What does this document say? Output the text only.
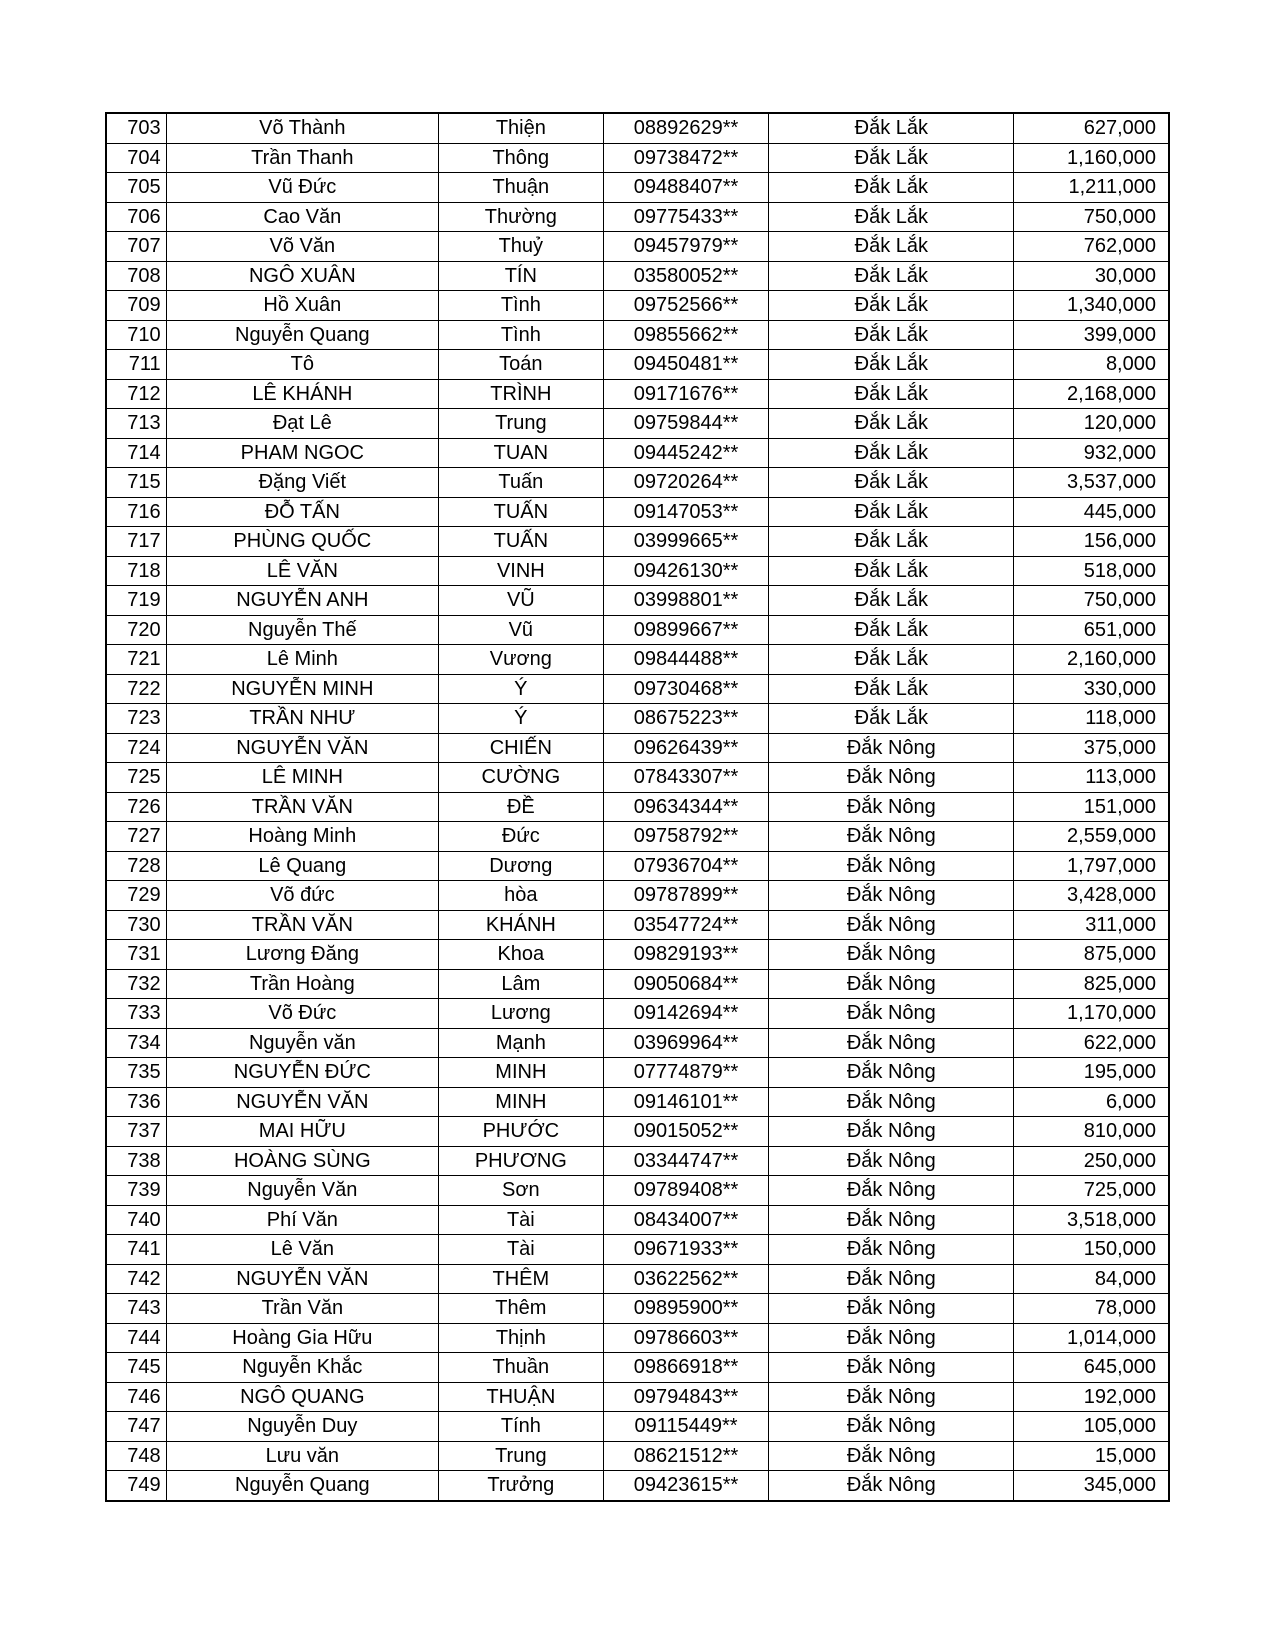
703	Võ Thành	Thiện	08892629**	Đắk Lắk	627,000
704	Trần Thanh	Thông	09738472**	Đắk Lắk	1,160,000
705	Vũ Đức	Thuận	09488407**	Đắk Lắk	1,211,000
706	Cao Văn	Thường	09775433**	Đắk Lắk	750,000
707	Võ Văn	Thuỷ	09457979**	Đắk Lắk	762,000
708	NGÔ XUÂN	TÍN	03580052**	Đắk Lắk	30,000
709	Hồ Xuân	Tình	09752566**	Đắk Lắk	1,340,000
710	Nguyễn Quang	Tình	09855662**	Đắk Lắk	399,000
711	Tô	Toán	09450481**	Đắk Lắk	8,000
712	LÊ KHÁNH	TRÌNH	09171676**	Đắk Lắk	2,168,000
713	Đạt Lê	Trung	09759844**	Đắk Lắk	120,000
714	PHAM NGOC	TUAN	09445242**	Đắk Lắk	932,000
715	Đặng Viết	Tuấn	09720264**	Đắk Lắk	3,537,000
716	ĐỖ TẤN	TUẤN	09147053**	Đắk Lắk	445,000
717	PHÙNG QUỐC	TUẤN	03999665**	Đắk Lắk	156,000
718	LÊ VĂN	VINH	09426130**	Đắk Lắk	518,000
719	NGUYỄN ANH	VŨ	03998801**	Đắk Lắk	750,000
720	Nguyễn Thế	Vũ	09899667**	Đắk Lắk	651,000
721	Lê Minh	Vương	09844488**	Đắk Lắk	2,160,000
722	NGUYỄN MINH	Ý	09730468**	Đắk Lắk	330,000
723	TRẦN NHƯ	Ý	08675223**	Đắk Lắk	118,000
724	NGUYỄN VĂN	CHIẾN	09626439**	Đắk Nông	375,000
725	LÊ MINH	CƯỜNG	07843307**	Đắk Nông	113,000
726	TRẦN VĂN	ĐỀ	09634344**	Đắk Nông	151,000
727	Hoàng Minh	Đức	09758792**	Đắk Nông	2,559,000
728	Lê Quang	Dương	07936704**	Đắk Nông	1,797,000
729	Võ đức	hòa	09787899**	Đắk Nông	3,428,000
730	TRẦN VĂN	KHÁNH	03547724**	Đắk Nông	311,000
731	Lương Đăng	Khoa	09829193**	Đắk Nông	875,000
732	Trần Hoàng	Lâm	09050684**	Đắk Nông	825,000
733	Võ Đức	Lương	09142694**	Đắk Nông	1,170,000
734	Nguyễn văn	Mạnh	03969964**	Đắk Nông	622,000
735	NGUYỄN ĐỨC	MINH	07774879**	Đắk Nông	195,000
736	NGUYỄN VĂN	MINH	09146101**	Đắk Nông	6,000
737	MAI HỮU	PHƯỚC	09015052**	Đắk Nông	810,000
738	HOÀNG SÙNG	PHƯƠNG	03344747**	Đắk Nông	250,000
739	Nguyễn Văn	Sơn	09789408**	Đắk Nông	725,000
740	Phí Văn	Tài	08434007**	Đắk Nông	3,518,000
741	Lê Văn	Tài	09671933**	Đắk Nông	150,000
742	NGUYỄN VĂN	THÊM	03622562**	Đắk Nông	84,000
743	Trần Văn	Thêm	09895900**	Đắk Nông	78,000
744	Hoàng Gia Hữu	Thịnh	09786603**	Đắk Nông	1,014,000
745	Nguyễn Khắc	Thuần	09866918**	Đắk Nông	645,000
746	NGÔ QUANG	THUẬN	09794843**	Đắk Nông	192,000
747	Nguyễn Duy	Tính	09115449**	Đắk Nông	105,000
748	Lưu văn	Trung	08621512**	Đắk Nông	15,000
749	Nguyễn Quang	Trưởng	09423615**	Đắk Nông	345,000
